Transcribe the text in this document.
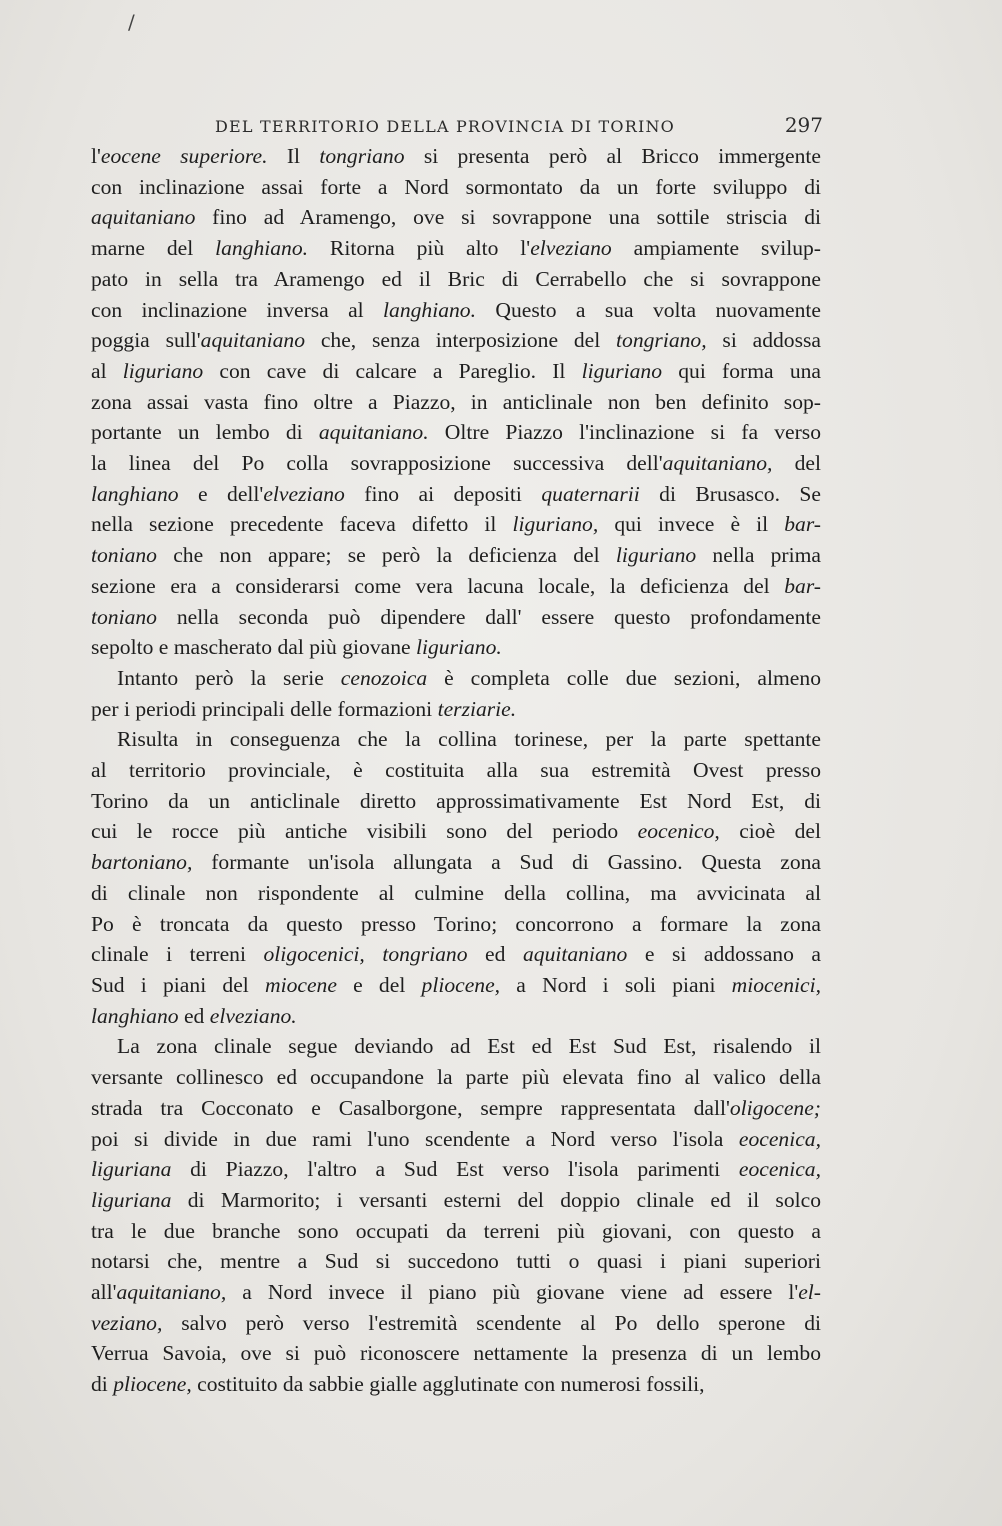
/
DEL TERRITORIO DELLA PROVINCIA DI TORINO	297

l'eocene superiore. Il tongriano si presenta però al Bricco immergente
con inclinazione assai forte a Nord sormontato da un forte sviluppo di
aquitaniano fino ad Aramengo, ove si sovrappone una sottile striscia di
marne del langhiano. Ritorna più alto l'elveziano ampiamente svilup-
pato in sella tra Aramengo ed il Bric di Cerrabello che si sovrappone
con inclinazione inversa al langhiano. Questo a sua volta nuovamente
poggia sull'aquitaniano che, senza interposizione del tongriano, si addossa
al liguriano con cave di calcare a Pareglio. Il liguriano qui forma una
zona assai vasta fino oltre a Piazzo, in anticlinale non ben definito sop-
portante un lembo di aquitaniano. Oltre Piazzo l'inclinazione si fa verso
la linea del Po colla sovrapposizione successiva dell'aquitaniano, del
langhiano e dell'elveziano fino ai depositi quaternarii di Brusasco. Se
nella sezione precedente faceva difetto il liguriano, qui invece è il bar-
toniano che non appare; se però la deficienza del liguriano nella prima
sezione era a considerarsi come vera lacuna locale, la deficienza del bar-
toniano nella seconda può dipendere dall' essere questo profondamente
sepolto e mascherato dal più giovane liguriano.

Intanto però la serie cenozoica è completa colle due sezioni, almeno
per i periodi principali delle formazioni terziarie.

Risulta in conseguenza che la collina torinese, per la parte spettante
al territorio provinciale, è costituita alla sua estremità Ovest presso
Torino da un anticlinale diretto approssimativamente Est Nord Est, di
cui le rocce più antiche visibili sono del periodo eocenico, cioè del
bartoniano, formante un'isola allungata a Sud di Gassino. Questa zona
di clinale non rispondente al culmine della collina, ma avvicinata al
Po è troncata da questo presso Torino; concorrono a formare la zona
clinale i terreni oligocenici, tongriano ed aquitaniano e si addossano a
Sud i piani del miocene e del pliocene, a Nord i soli piani miocenici,
langhiano ed elveziano.

La zona clinale segue deviando ad Est ed Est Sud Est, risalendo il
versante collinesco ed occupandone la parte più elevata fino al valico della
strada tra Cocconato e Casalborgone, sempre rappresentata dall'oligocene;
poi si divide in due rami l'uno scendente a Nord verso l'isola eocenica,
liguriana di Piazzo, l'altro a Sud Est verso l'isola parimenti eocenica,
liguriana di Marmorito; i versanti esterni del doppio clinale ed il solco
tra le due branche sono occupati da terreni più giovani, con questo a
notarsi che, mentre a Sud si succedono tutti o quasi i piani superiori
all'aquitaniano, a Nord invece il piano più giovane viene ad essere l'el-
veziano, salvo però verso l'estremità scendente al Po dello sperone di
Verrua Savoia, ove si può riconoscere nettamente la presenza di un lembo
di pliocene, costituito da sabbie gialle agglutinate con numerosi fossili,
